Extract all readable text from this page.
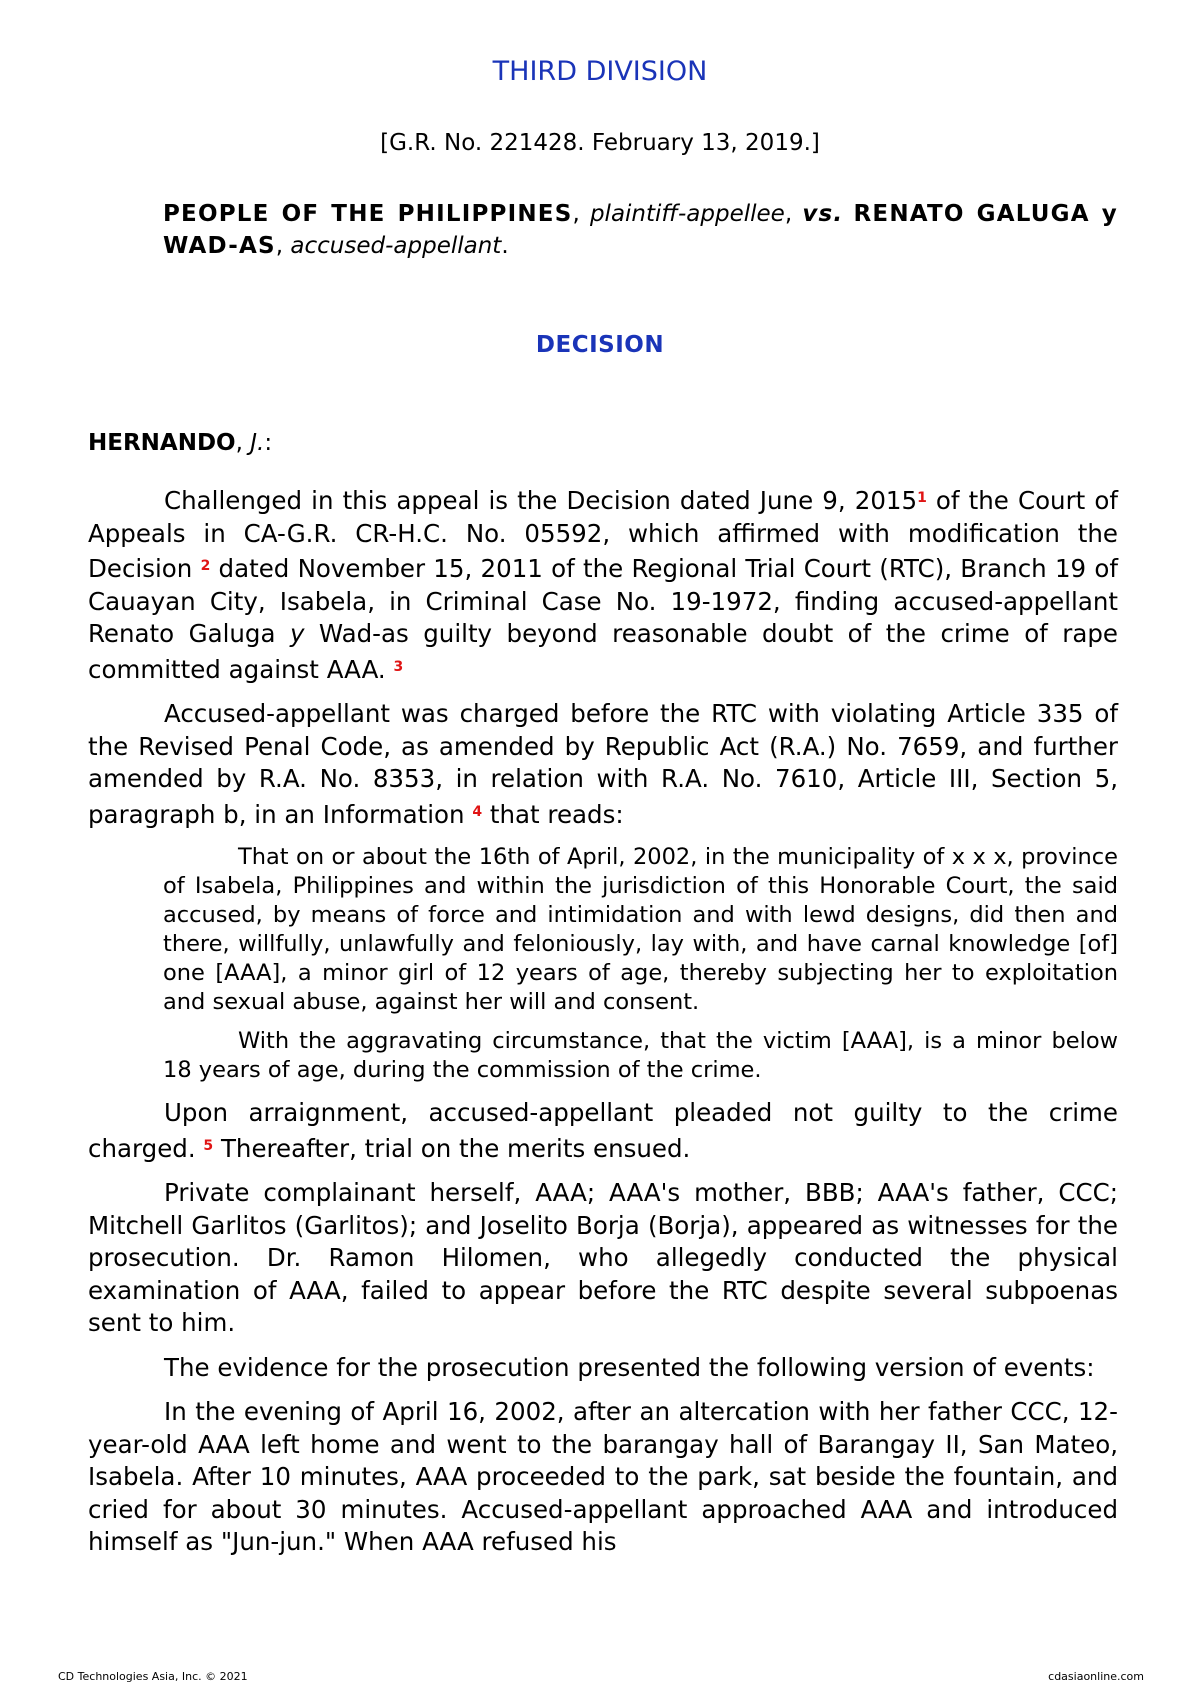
THIRD DIVISION

[G.R. No. 221428. February 13, 2019.]

PEOPLE OF THE PHILIPPINES, plaintiff-appellee, vs. RENATO GALUGA y WAD-AS, accused-appellant.

DECISION

HERNANDO, J.:

Challenged in this appeal is the Decision dated June 9, 2015$^1$ of the Court of Appeals in CA-G.R. CR-H.C. No. 05592, which affirmed with modification the Decision $^2$ dated November 15, 2011 of the Regional Trial Court (RTC), Branch 19 of Cauayan City, Isabela, in Criminal Case No. 19-1972, finding accused-appellant Renato Galuga y Wad-as guilty beyond reasonable doubt of the crime of rape committed against AAA. $^3$

Accused-appellant was charged before the RTC with violating Article 335 of the Revised Penal Code, as amended by Republic Act (R.A.) No. 7659, and further amended by R.A. No. 8353, in relation with R.A. No. 7610, Article III, Section 5, paragraph b, in an Information $^4$ that reads:

That on or about the 16th of April, 2002, in the municipality of x x x, province of Isabela, Philippines and within the jurisdiction of this Honorable Court, the said accused, by means of force and intimidation and with lewd designs, did then and there, willfully, unlawfully and feloniously, lay with, and have carnal knowledge [of] one [AAA], a minor girl of 12 years of age, thereby subjecting her to exploitation and sexual abuse, against her will and consent.

With the aggravating circumstance, that the victim [AAA], is a minor below 18 years of age, during the commission of the crime.

Upon arraignment, accused-appellant pleaded not guilty to the crime charged. $^5$ Thereafter, trial on the merits ensued.

Private complainant herself, AAA; AAA's mother, BBB; AAA's father, CCC; Mitchell Garlitos (Garlitos); and Joselito Borja (Borja), appeared as witnesses for the prosecution. Dr. Ramon Hilomen, who allegedly conducted the physical examination of AAA, failed to appear before the RTC despite several subpoenas sent to him.

The evidence for the prosecution presented the following version of events:

In the evening of April 16, 2002, after an altercation with her father CCC, 12-year-old AAA left home and went to the barangay hall of Barangay II, San Mateo, Isabela. After 10 minutes, AAA proceeded to the park, sat beside the fountain, and cried for about 30 minutes. Accused-appellant approached AAA and introduced himself as "Jun-jun." When AAA refused his

CD Technologies Asia, Inc. © 2021	cdasiaonline.com
